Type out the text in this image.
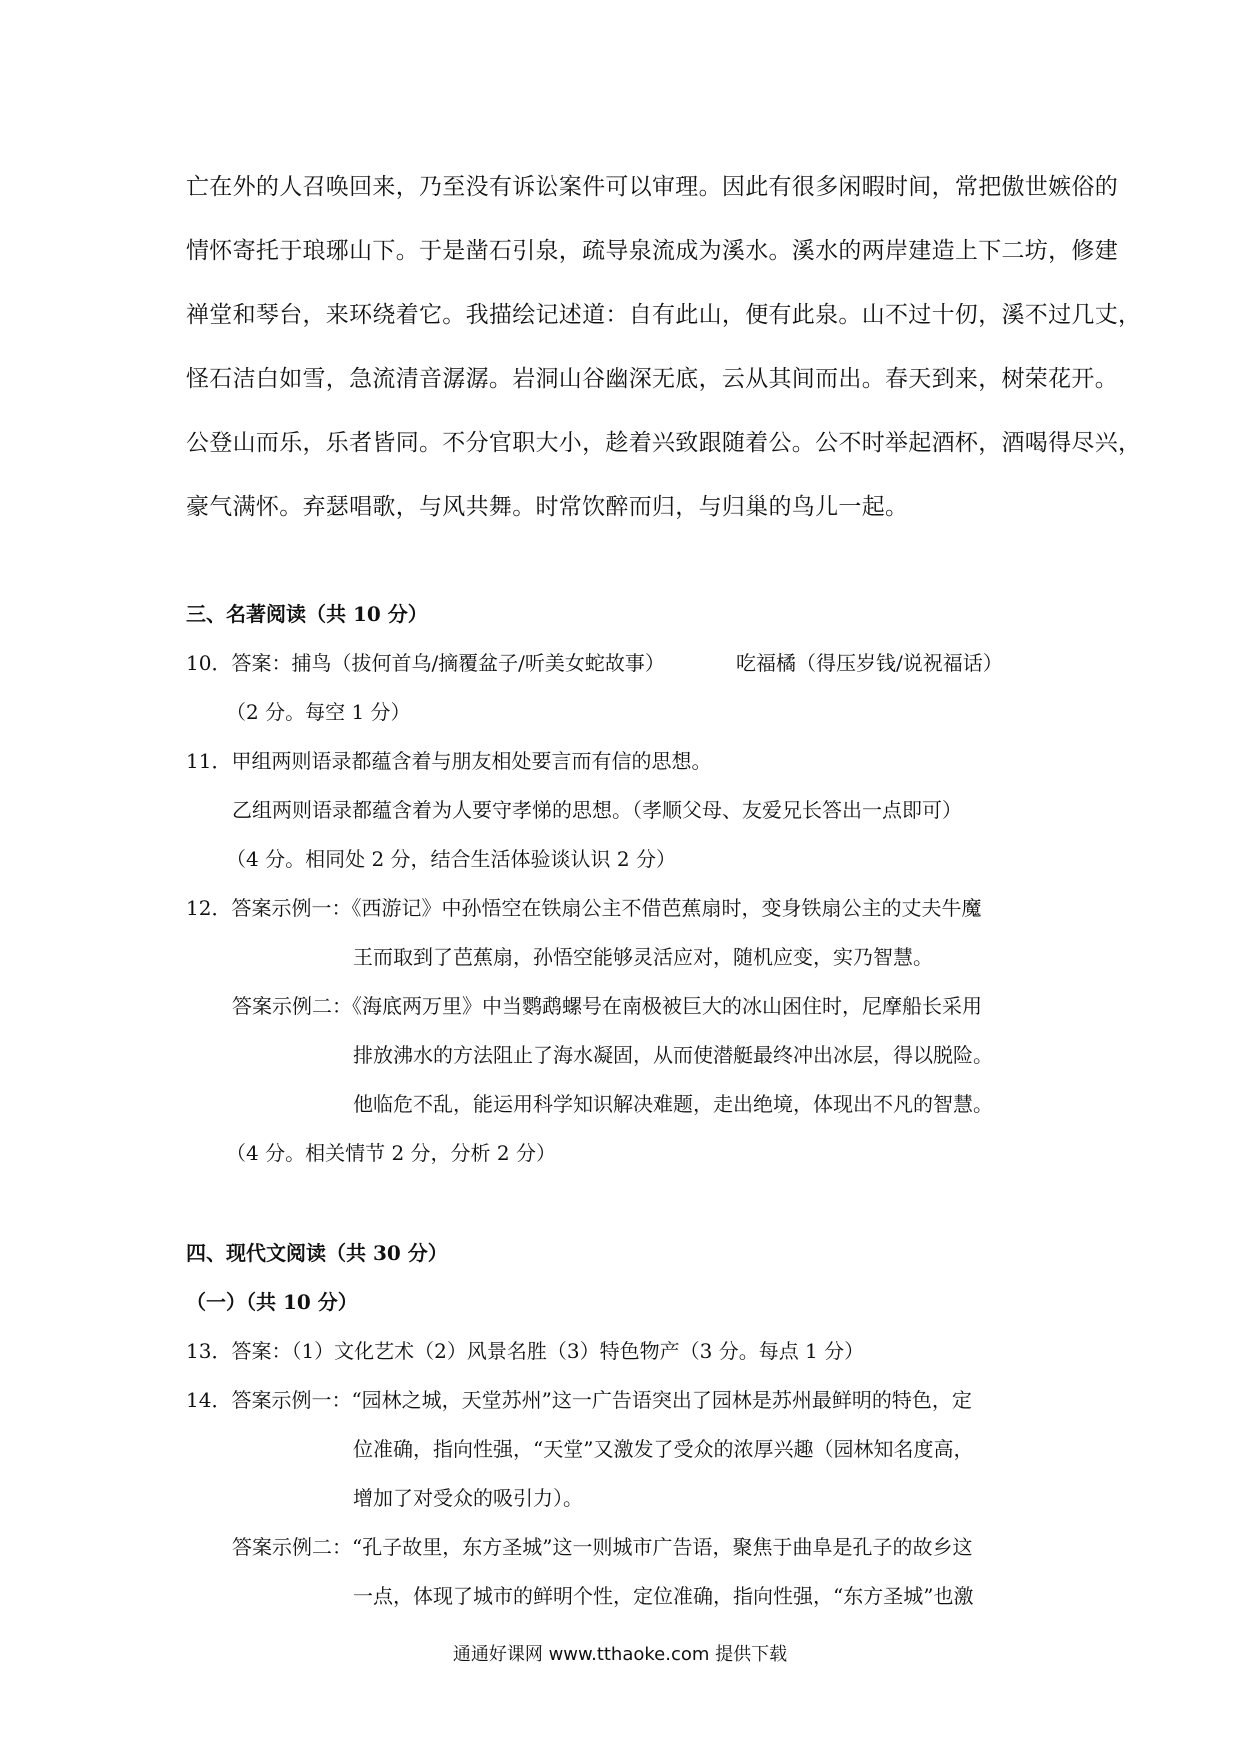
亡在外的人召唤回来，乃至没有诉讼案件可以审理。因此有很多闲暇时间，常把傲世嫉俗的
情怀寄托于琅琊山下。于是凿石引泉，疏导泉流成为溪水。溪水的两岸建造上下二坊，修建
禅堂和琴台，来环绕着它。我描绘记述道：自有此山，便有此泉。山不过十仞，溪不过几丈，
怪石洁白如雪，急流清音潺潺。岩洞山谷幽深无底，云从其间而出。春天到来，树荣花开。
公登山而乐，乐者皆同。不分官职大小，趁着兴致跟随着公。公不时举起酒杯，酒喝得尽兴，
豪气满怀。弃瑟唱歌，与风共舞。时常饮醉而归，与归巢的鸟儿一起。
三、名著阅读（共 10 分）
10．答案：捕鸟（拔何首乌/摘覆盆子/听美女蛇故事）	吃福橘（得压岁钱/说祝福话）
（2 分。每空 1 分）
11．甲组两则语录都蕴含着与朋友相处要言而有信的思想。
乙组两则语录都蕴含着为人要守孝悌的思想。（孝顺父母、友爱兄长答出一点即可）
（4 分。相同处 2 分，结合生活体验谈认识 2 分）
12．答案示例一：《西游记》中孙悟空在铁扇公主不借芭蕉扇时，变身铁扇公主的丈夫牛魔
王而取到了芭蕉扇，孙悟空能够灵活应对，随机应变，实乃智慧。
答案示例二：《海底两万里》中当鹦鹉螺号在南极被巨大的冰山困住时，尼摩船长采用
排放沸水的方法阻止了海水凝固，从而使潜艇最终冲出冰层，得以脱险。
他临危不乱，能运用科学知识解决难题，走出绝境，体现出不凡的智慧。
（4 分。相关情节 2 分，分析 2 分）
四、现代文阅读（共 30 分）
（一）（共 10 分）
13．答案：（1）文化艺术（2）风景名胜（3）特色物产（3 分。每点 1 分）
14．答案示例一：“园林之城，天堂苏州”这一广告语突出了园林是苏州最鲜明的特色，定
位准确，指向性强，“天堂”又激发了受众的浓厚兴趣（园林知名度高，
增加了对受众的吸引力）。
答案示例二：“孔子故里，东方圣城”这一则城市广告语，聚焦于曲阜是孔子的故乡这
一点，体现了城市的鲜明个性，定位准确，指向性强，“东方圣城”也激
通通好课网 www.tthaoke.com 提供下载
